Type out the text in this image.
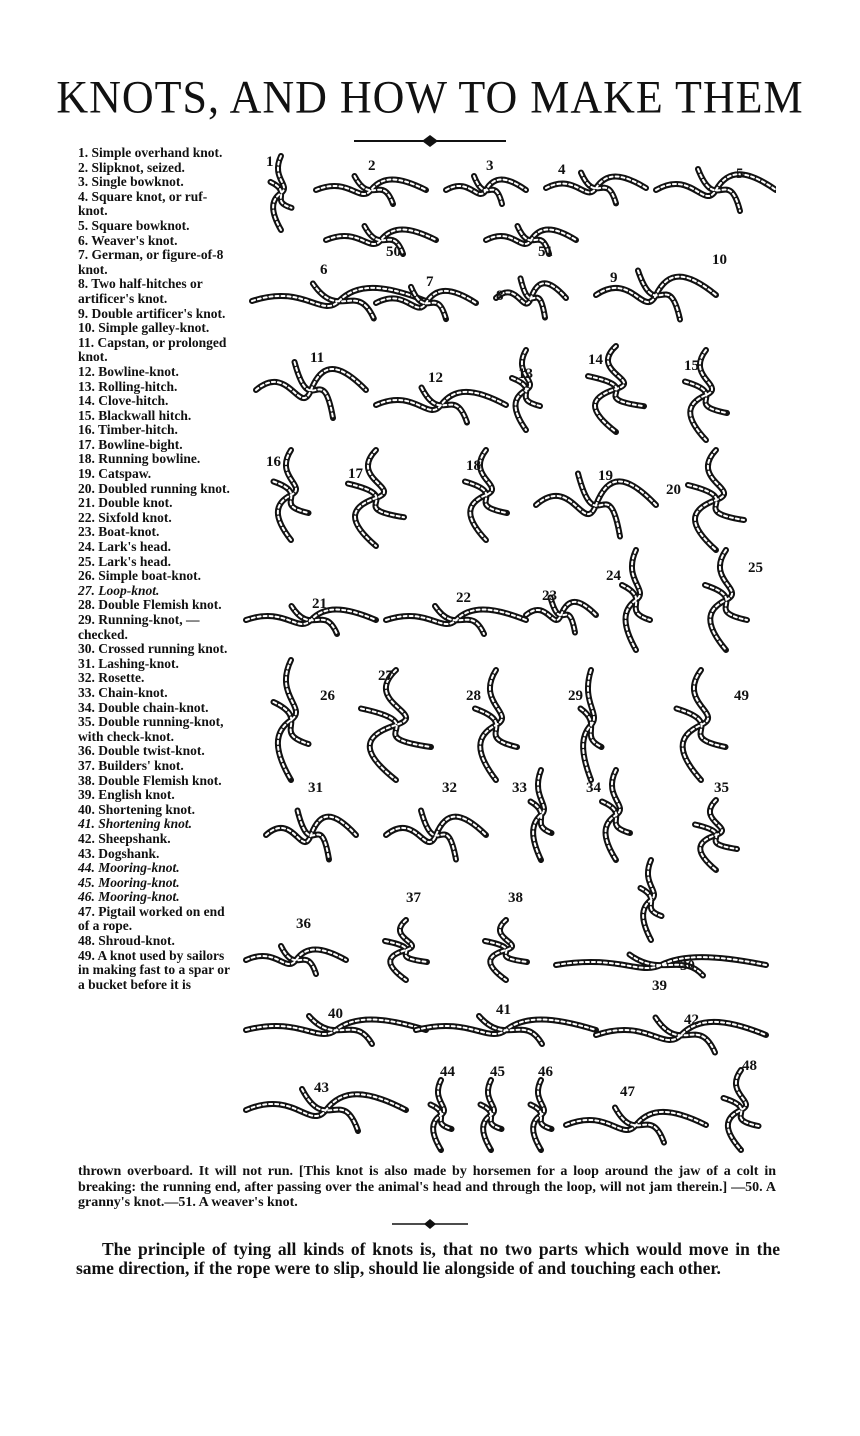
KNOTS, AND HOW TO MAKE THEM
1. Simple overhand knot.
2. Slipknot, seized.
3. Single bowknot.
4. Square knot, or ruf-knot.
5. Square bowknot.
6. Weaver's knot.
7. German, or figure-of-8 knot.
8. Two half-hitches or artificer's knot.
9. Double artificer's knot.
10. Simple galley-knot.
11. Capstan, or prolonged knot.
12. Bowline-knot.
13. Rolling-hitch.
14. Clove-hitch.
15. Blackwall hitch.
16. Timber-hitch.
17. Bowline-bight.
18. Running bowline.
19. Catspaw.
20. Doubled running knot.
21. Double knot.
22. Sixfold knot.
23. Boat-knot.
24. Lark's head.
25. Lark's head.
26. Simple boat-knot.
27. Loop-knot.
28. Double Flemish knot.
29. Running-knot, — checked.
30. Crossed running knot.
31. Lashing-knot.
32. Rosette.
33. Chain-knot.
34. Double chain-knot.
35. Double running-knot, with check-knot.
36. Double twist-knot.
37. Builders' knot.
38. Double Flemish knot.
39. English knot.
40. Shortening knot.
41. Shortening knot.
42. Sheepshank.
43. Dogshank.
44. Mooring-knot.
45. Mooring-knot.
46. Mooring-knot.
47. Pigtail worked on end of a rope.
48. Shroud-knot.
49. A knot used by sailors in making fast to a spar or a bucket before it is
1	2	3	4	5
50	51
6
7
8
9
10
11
12	13
14	15
16
17	18
19
20
21	22	23
24	25
26
27
28	29	49
31	32	33	34	35
36
37	38
30
39
40	41
42
43
44 45 46
47
48
thrown overboard. It will not run. [This knot is also made by horsemen for a loop around the jaw of a colt in breaking: the running end, after passing over the animal's head and through the loop, will not jam therein.] —50. A granny's knot.—51. A weaver's knot.
The principle of tying all kinds of knots is, that no two parts which would move in the same direction, if the rope were to slip, should lie alongside of and touching each other.
